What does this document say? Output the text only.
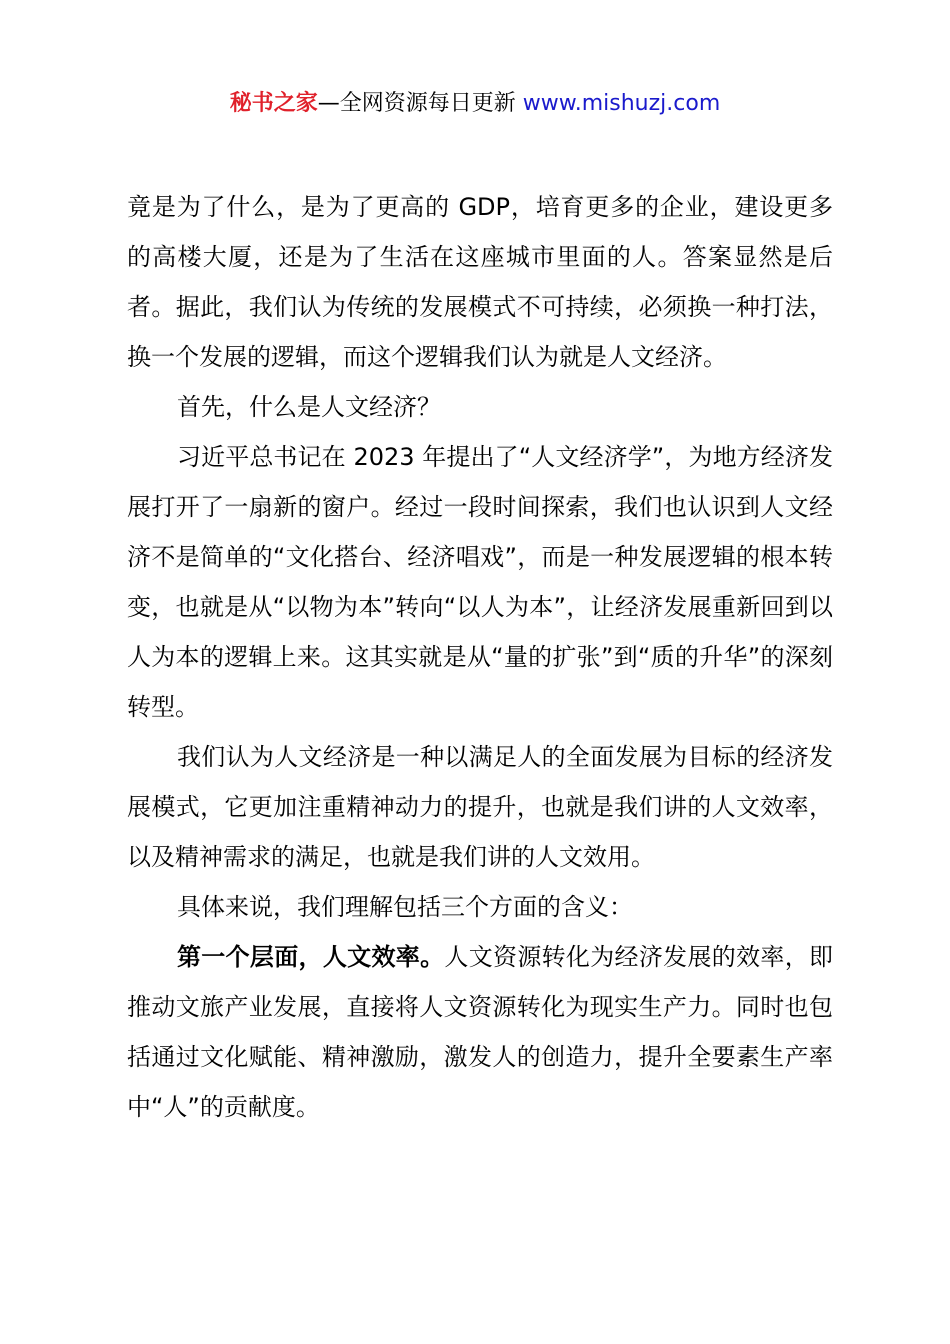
秘书之家—全网资源每日更新 www.mishuzj.com

竟是为了什么，是为了更高的 GDP，培育更多的企业，建设更多的高楼大厦，还是为了生活在这座城市里面的人。答案显然是后者。据此，我们认为传统的发展模式不可持续，必须换一种打法，换一个发展的逻辑，而这个逻辑我们认为就是人文经济。

首先，什么是人文经济？

习近平总书记在 2023 年提出了“人文经济学”，为地方经济发展打开了一扇新的窗户。经过一段时间探索，我们也认识到人文经济不是简单的“文化搭台、经济唱戏”，而是一种发展逻辑的根本转变，也就是从“以物为本”转向“以人为本”，让经济发展重新回到以人为本的逻辑上来。这其实就是从“量的扩张”到“质的升华”的深刻转型。

我们认为人文经济是一种以满足人的全面发展为目标的经济发展模式，它更加注重精神动力的提升，也就是我们讲的人文效率，以及精神需求的满足，也就是我们讲的人文效用。

具体来说，我们理解包括三个方面的含义：

第一个层面，人文效率。人文资源转化为经济发展的效率，即推动文旅产业发展，直接将人文资源转化为现实生产力。同时也包括通过文化赋能、精神激励，激发人的创造力，提升全要素生产率中“人”的贡献度。
